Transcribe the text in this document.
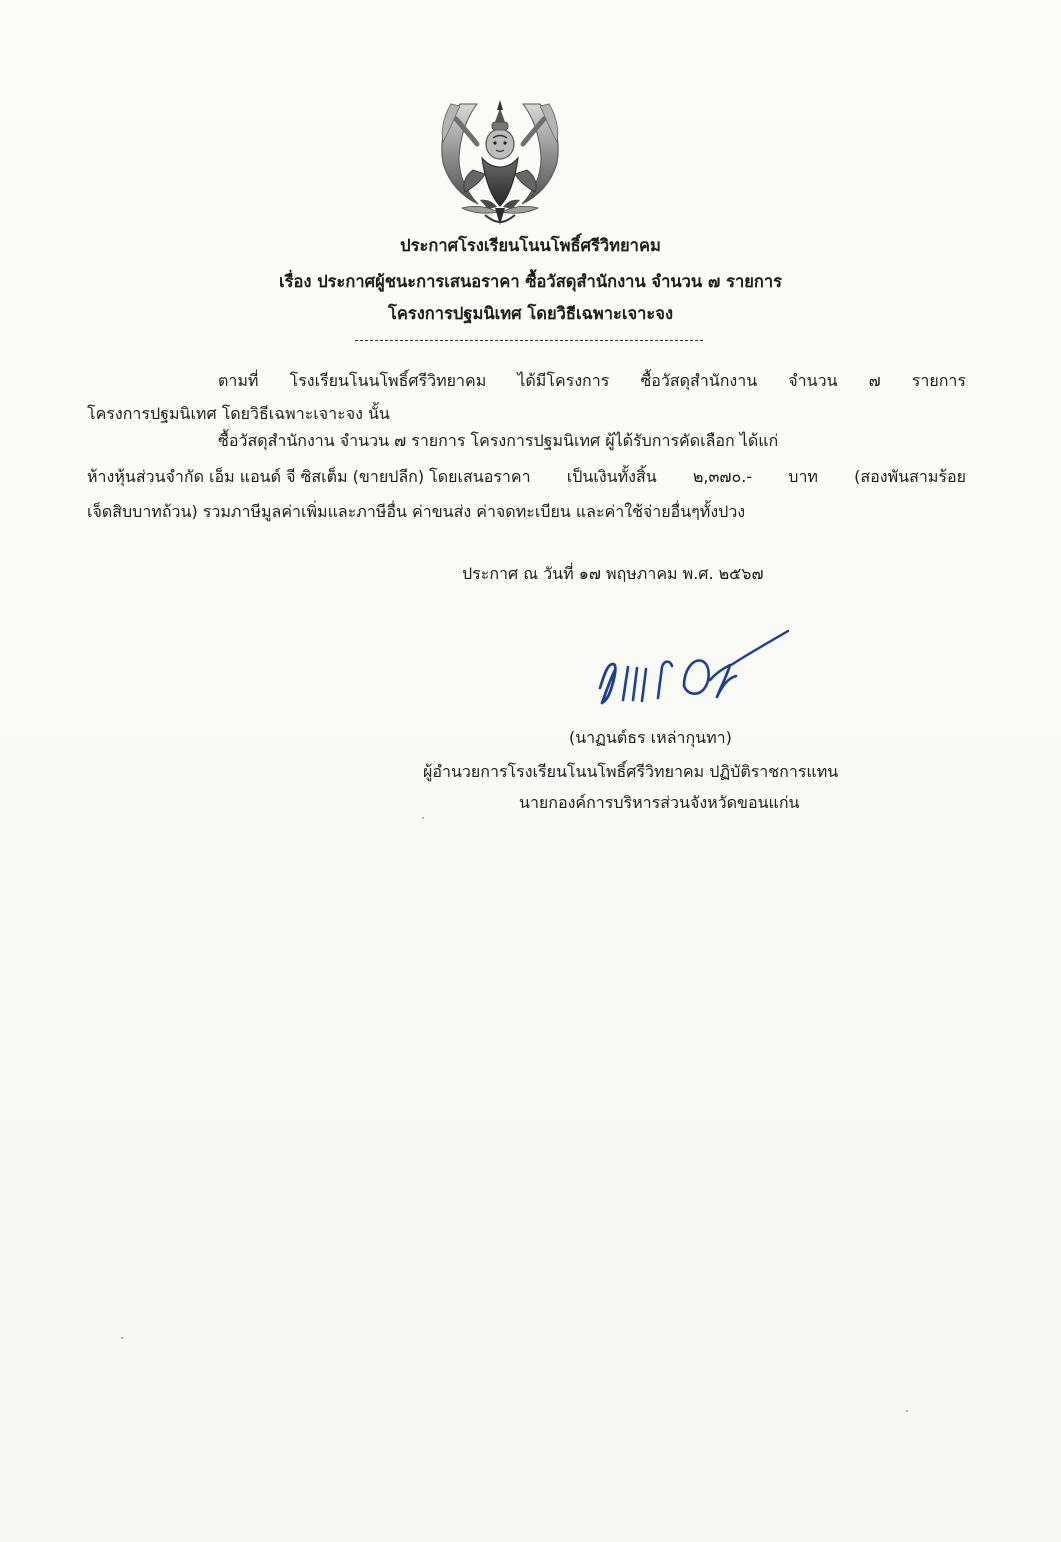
ประกาศโรงเรียนโนนโพธิ์ศรีวิทยาคม
เรื่อง ประกาศผู้ชนะการเสนอราคา ซื้อวัสดุสำนักงาน จำนวน ๗ รายการ
โครงการปฐมนิเทศ โดยวิธีเฉพาะเจาะจง
ตามที่ โรงเรียนโนนโพธิ์ศรีวิทยาคม ได้มีโครงการ ซื้อวัสดุสำนักงาน จำนวน ๗ รายการ
โครงการปฐมนิเทศ โดยวิธีเฉพาะเจาะจง นั้น
ซื้อวัสดุสำนักงาน จำนวน ๗ รายการ โครงการปฐมนิเทศ ผู้ได้รับการคัดเลือก ได้แก่
ห้างหุ้นส่วนจำกัด เอ็ม แอนด์ จี ซิสเต็ม (ขายปลีก) โดยเสนอราคา เป็นเงินทั้งสิ้น ๒,๓๗๐.- บาท (สองพันสามร้อย
เจ็ดสิบบาทถ้วน) รวมภาษีมูลค่าเพิ่มและภาษีอื่น ค่าขนส่ง ค่าจดทะเบียน และค่าใช้จ่ายอื่นๆทั้งปวง
ประกาศ ณ วันที่ ๑๗ พฤษภาคม พ.ศ. ๒๕๖๗
(นาฏนต์ธร เหล่ากุนทา)
ผู้อำนวยการโรงเรียนโนนโพธิ์ศรีวิทยาคม ปฏิบัติราชการแทน
นายกองค์การบริหารส่วนจังหวัดขอนแก่น
